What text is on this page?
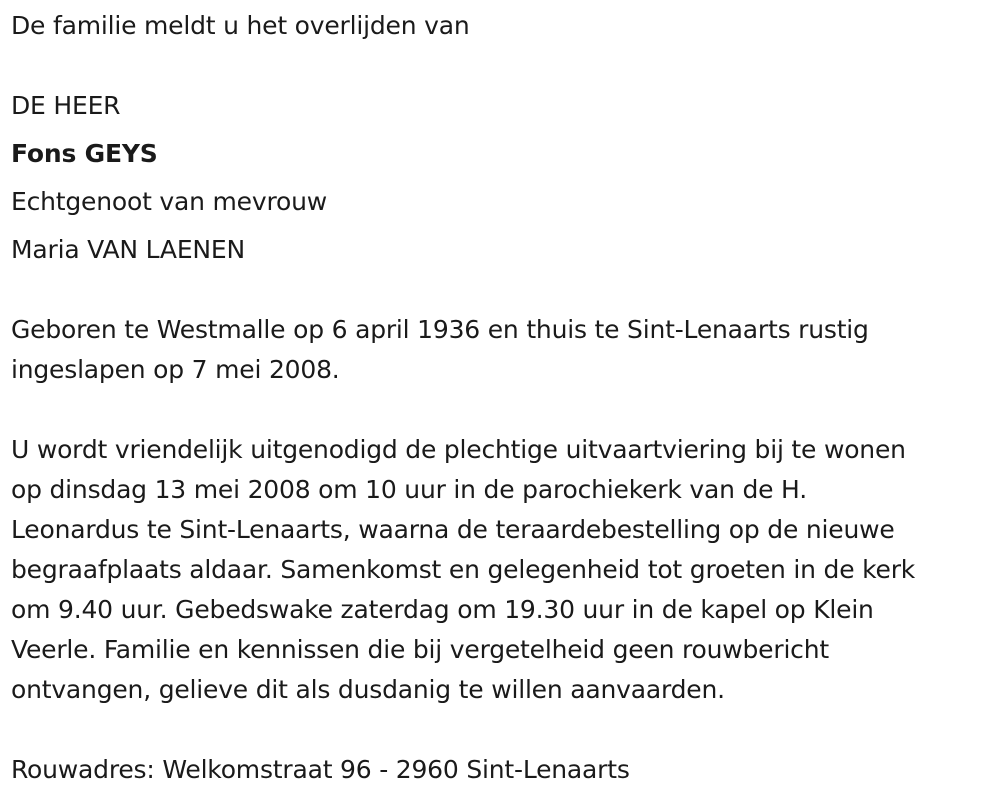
De familie meldt u het overlijden van
DE HEER
Fons GEYS
Echtgenoot van mevrouw
Maria VAN LAENEN
Geboren te Westmalle op 6 april 1936 en thuis te Sint-Lenaarts rustig
ingeslapen op 7 mei 2008.
U wordt vriendelijk uitgenodigd de plechtige uitvaartviering bij te wonen
op dinsdag 13 mei 2008 om 10 uur in de parochiekerk van de H.
Leonardus te Sint-Lenaarts, waarna de teraardebestelling op de nieuwe
begraafplaats aldaar. Samenkomst en gelegenheid tot groeten in de kerk
om 9.40 uur. Gebedswake zaterdag om 19.30 uur in de kapel op Klein
Veerle. Familie en kennissen die bij vergetelheid geen rouwbericht
ontvangen, gelieve dit als dusdanig te willen aanvaarden.
Rouwadres: Welkomstraat 96 - 2960 Sint-Lenaarts
